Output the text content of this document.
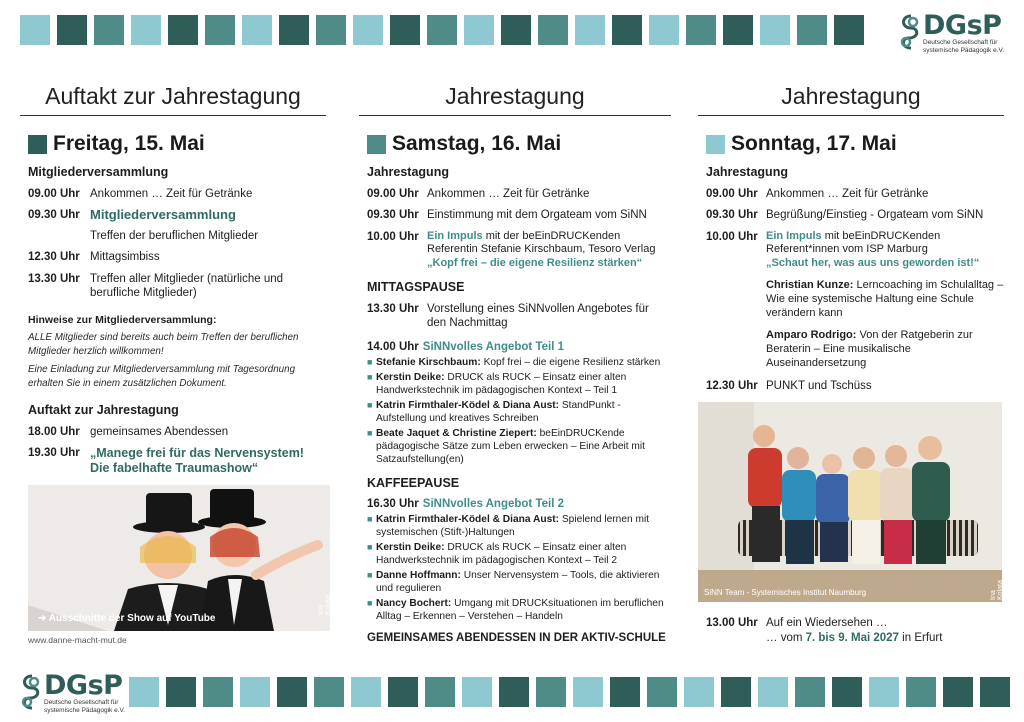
DGsP
Deutsche Gesellschaft für
systemische Pädagogik e.V.
DGsP
Deutsche Gesellschaft für
systemische Pädagogik e.V.
Auftakt zur Jahrestagung
Freitag, 15. Mai
Mitgliederversammlung
09.00 Uhr Ankommen … Zeit für Getränke
09.30 Uhr Mitgliederversammlung
Treffen der beruflichen Mitglieder
12.30 Uhr Mittagsimbiss
13.30 Uhr Treffen aller Mitglieder (natürliche und berufliche Mitglieder)
Hinweise zur Mitgliederversammlung:
ALLE Mitglieder sind bereits auch beim Treffen der beruflichen Mitglieder herzlich willkommen!
Eine Einladung zur Mitgliederversammlung mit Tagesordnung erhalten Sie in einem zusätzlichen Dokument.
Auftakt zur Jahrestagung
18.00 Uhr gemeinsames Abendessen
19.30 Uhr „Manege frei für das Nervensystem! Die fabelhafte Traumashow“
➜ Ausschnitte der Show auf YouTube
Ina Kolata
www.danne-macht-mut.de
Jahrestagung
Samstag, 16. Mai
Jahrestagung
09.00 Uhr Ankommen … Zeit für Getränke
09.30 Uhr Einstimmung mit dem Orgateam vom SiNN
10.00 Uhr Ein Impuls mit der beEinDRUCKenden Referentin Stefanie Kirschbaum, Tesoro Verlag
„Kopf frei – die eigene Resilienz stärken“
MITTAGSPAUSE
13.30 Uhr Vorstellung eines SiNNvollen Angebotes für den Nachmittag
14.00 Uhr SiNNvolles Angebot Teil 1
■ Stefanie Kirschbaum: Kopf frei – die eigene Resilienz stärken
■ Kerstin Deike: DRUCK als RUCK – Einsatz einer alten Handwerkstechnik im pädagogischen Kontext – Teil 1
■ Katrin Firmthaler-Ködel & Diana Aust: StandPunkt - Aufstellung und kreatives Schreiben
■ Beate Jaquet & Christine Ziepert: beEinDRUCKende pädagogische Sätze zum Leben erwecken – Eine Arbeit mit Satzaufstellung(en)
KAFFEEPAUSE
16.30 Uhr SiNNvolles Angebot Teil 2
■ Katrin Firmthaler-Ködel & Diana Aust: Spielend lernen mit systemischen (Stift-)Haltungen
■ Kerstin Deike: DRUCK als RUCK – Einsatz einer alten Handwerkstechnik im pädagogischen Kontext – Teil 2
■ Danne Hoffmann: Unser Nervensystem – Tools, die aktivieren und regulieren
■ Nancy Bochert: Umgang mit DRUCKsituationen im beruflichen Alltag – Erkennen – Verstehen – Handeln
GEMEINSAMES ABENDESSEN IN DER AKTIV-SCHULE
Jahrestagung
Sonntag, 17. Mai
Jahrestagung
09.00 Uhr Ankommen … Zeit für Getränke
09.30 Uhr Begrüßung/Einstieg - Orgateam vom SiNN
10.00 Uhr Ein Impuls mit beEinDRUCKenden Referent*innen vom ISP Marburg
„Schaut her, was aus uns geworden ist!“
Christian Kunze: Lerncoaching im Schulalltag – Wie eine systemische Haltung eine Schule verändern kann
Amparo Rodrigo: Von der Ratgeberin zur Beraterin – Eine musikalische Auseinandersetzung
12.30 Uhr PUNKT und Tschüss
SiNN Team - Systemisches Institut Naumburg	Ina Kolata
13.00 Uhr Auf ein Wiedersehen …
… vom 7. bis 9. Mai 2027 in Erfurt
